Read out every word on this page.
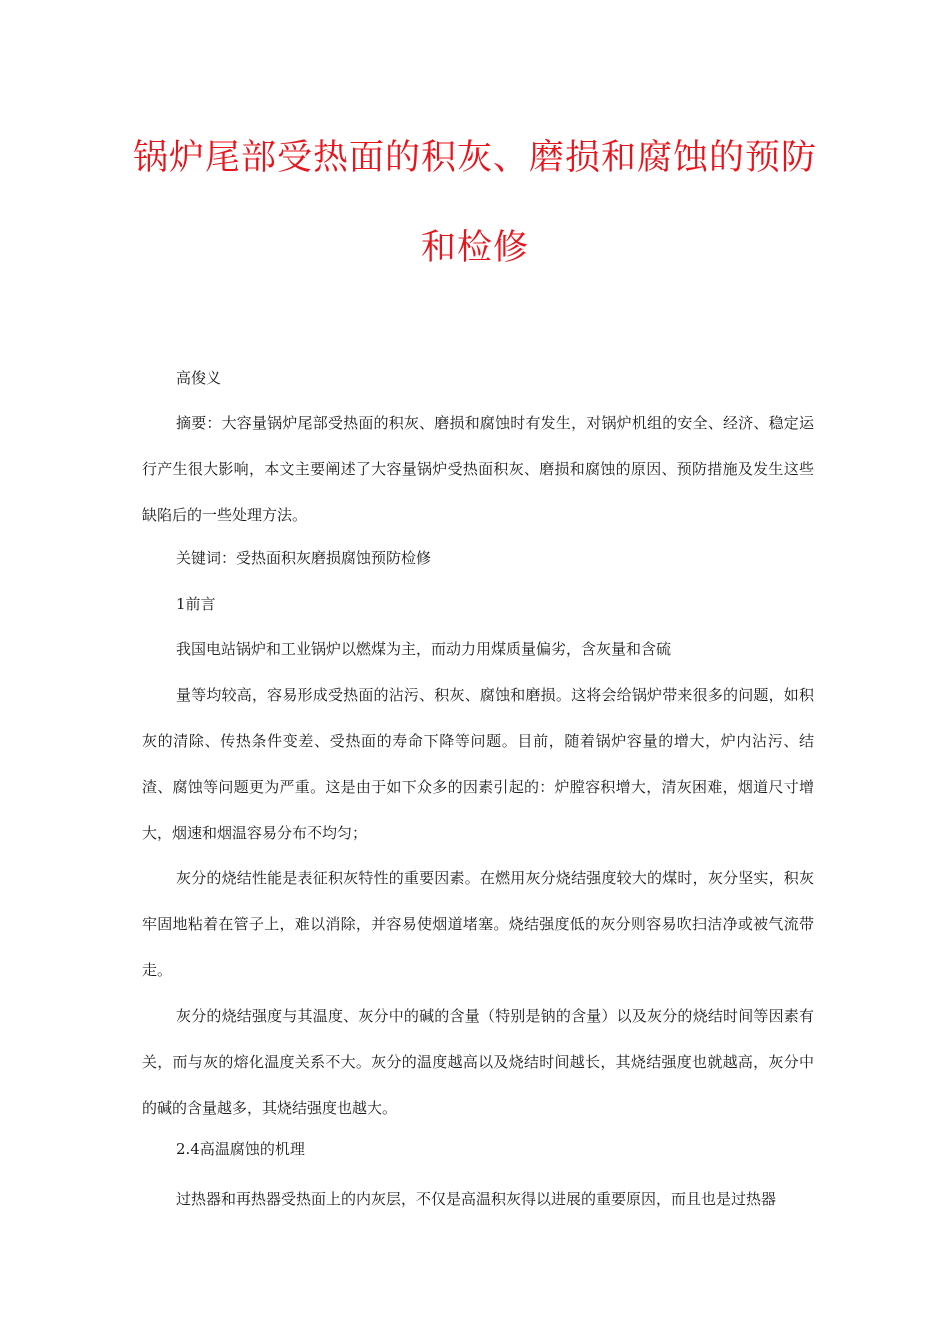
锅炉尾部受热面的积灰、磨损和腐蚀的预防
和检修

高俊义

摘要：大容量锅炉尾部受热面的积灰、磨损和腐蚀时有发生，对锅炉机组的安全、经济、稳定运行产生很大影响，本文主要阐述了大容量锅炉受热面积灰、磨损和腐蚀的原因、预防措施及发生这些缺陷后的一些处理方法。

关键词：受热面积灰磨损腐蚀预防检修

1前言

我国电站锅炉和工业锅炉以燃煤为主，而动力用煤质量偏劣，含灰量和含硫

量等均较高，容易形成受热面的沾污、积灰、腐蚀和磨损。这将会给锅炉带来很多的问题，如积灰的清除、传热条件变差、受热面的寿命下降等问题。目前，随着锅炉容量的增大，炉内沾污、结渣、腐蚀等问题更为严重。这是由于如下众多的因素引起的：炉膛容积增大，清灰困难，烟道尺寸增大，烟速和烟温容易分布不均匀；

灰分的烧结性能是表征积灰特性的重要因素。在燃用灰分烧结强度较大的煤时，灰分坚实，积灰牢固地粘着在管子上，难以消除，并容易使烟道堵塞。烧结强度低的灰分则容易吹扫洁净或被气流带走。

灰分的烧结强度与其温度、灰分中的碱的含量（特别是钠的含量）以及灰分的烧结时间等因素有关，而与灰的熔化温度关系不大。灰分的温度越高以及烧结时间越长，其烧结强度也就越高，灰分中的碱的含量越多，其烧结强度也越大。

2.4高温腐蚀的机理

过热器和再热器受热面上的内灰层，不仅是高温积灰得以进展的重要原因，而且也是过热器
